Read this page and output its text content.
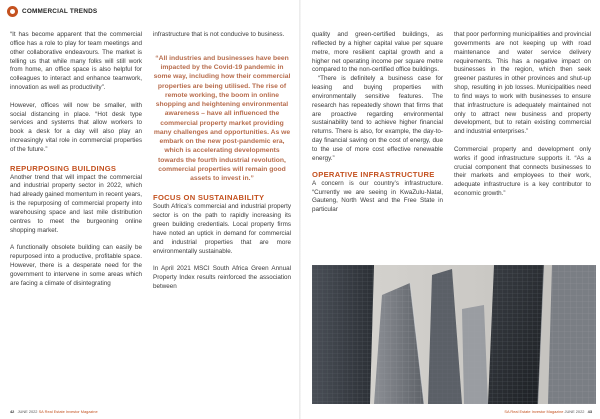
COMMERCIAL TRENDS

“It has become apparent that the commercial office has a role to play for team meetings and other collaborative endeavours. The market is telling us that while many folks will still work from home, an office space is also helpful for colleagues to interact and enhance teamwork, innovation as well as productivity”.

However, offices will now be smaller, with social distancing in place. “Hot desk type services and systems that allow workers to book a desk for a day will also play an increasingly vital role in commercial properties of the future.”

REPURPOSING BUILDINGS

Another trend that will impact the commercial and industrial property sector in 2022, which had already gained momentum in recent years, is the repurposing of commercial property into warehousing space and last mile distribution centres to meet the burgeoning online shopping market.

A functionally obsolete building can easily be repurposed into a productive, profitable space. However, there is a desperate need for the government to intervene in some areas which are facing a climate of disintegrating

infrastructure that is not conducive to business.

“All industries and businesses have been impacted by the Covid-19 pandemic in some way, including how their commercial properties are being utilised. The rise of remote working, the boom in online shopping and heightening environmental awareness – have all influenced the commercial property market providing many challenges and opportunities. As we embark on the new post-pandemic era, which is accelerating developments towards the fourth industrial revolution, commercial properties will remain good assets to invest in.”
FOCUS ON SUSTAINABILITY

South Africa’s commercial and industrial property sector is on the path to rapidly increasing its green building credentials. Local property firms have noted an uptick in demand for commercial and industrial properties that are more environmentally sustainable.

In April 2021 MSCI South Africa Green Annual Property Index results reinforced the association between

quality and green-certified buildings, as reflected by a higher capital value per square metre, more resilient capital growth and a higher net operating income per square metre compared to the non-certified office buildings.

“There is definitely a business case for leasing and buying properties with environmentally sensitive features. The research has repeatedly shown that firms that are proactive regarding environmental sustainability tend to achieve higher financial returns. There is also, for example, the day-to-day financial saving on the cost of energy, due to the use of more cost effective renewable energy.”

OPERATIVE INFRASTRUCTURE

A concern is our country’s infrastructure. “Currently we are seeing in KwaZulu-Natal, Gauteng, North West and the Free State in particular

that poor performing municipalities and provincial governments are not keeping up with road maintenance and water service delivery requirements. This has a negative impact on businesses in the region, which then seek greener pastures in other provinces and shut-up shop, resulting in job losses. Municipalities need to find ways to work with businesses to ensure that infrastructure is adequately maintained not only to attract new business and property development, but to retain existing commercial and industrial enterprises.”

Commercial property and development only works if good infrastructure supports it. “As a crucial component that connects businesses to their markets and employees to their work, adequate infrastructure is a key contributor to economic growth.”

42 JUNE 2022 SA Real Estate Investor Magazine	SA Real Estate Investor Magazine JUNE 2022 43
